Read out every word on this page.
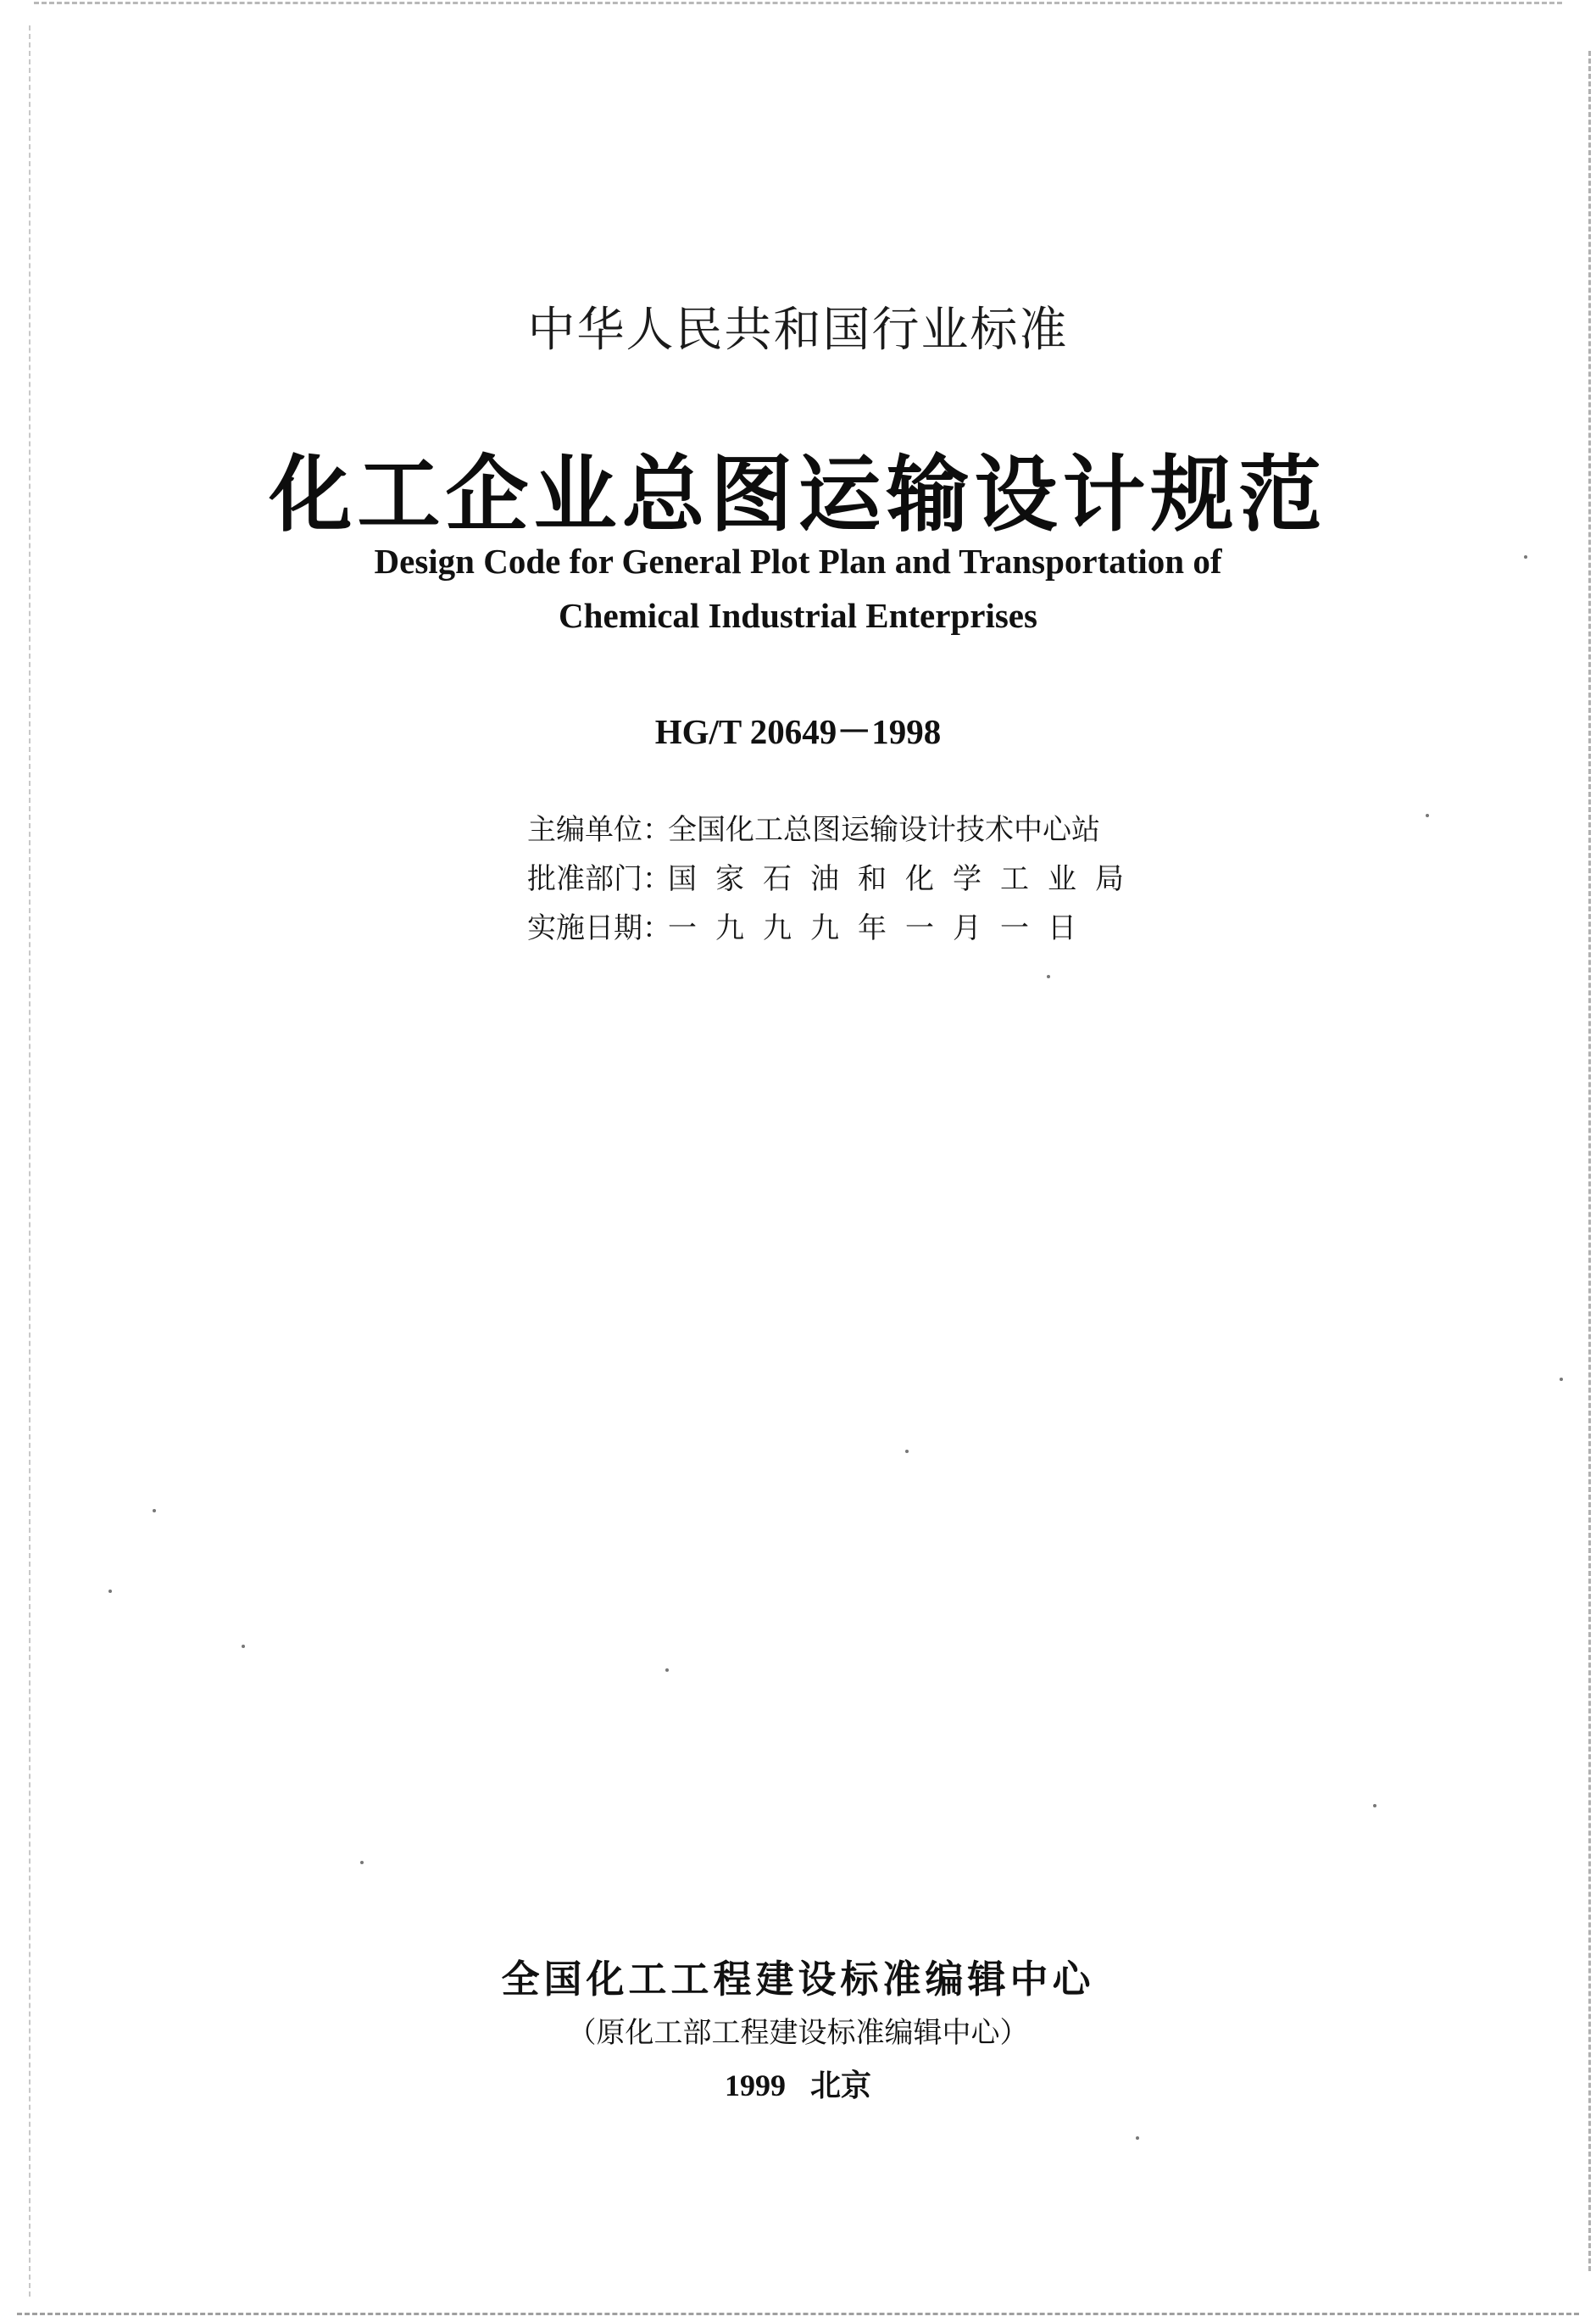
中华人民共和国行业标准
化工企业总图运输设计规范
Design Code for General Plot Plan and Transportation of
Chemical Industrial Enterprises
HG/T 20649－1998
主编单位：
全国化工总图运输设计技术中心站
批准部门：
国家石油和化学工业局
实施日期：
一九九九年一月一日
全国化工工程建设标准编辑中心
（原化工部工程建设标准编辑中心）
1999 北京
